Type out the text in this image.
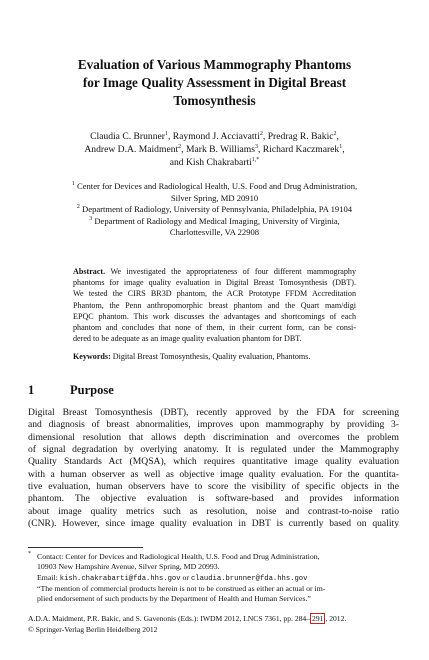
Evaluation of Various Mammography Phantoms
for Image Quality Assessment in Digital Breast
Tomosynthesis
Claudia C. Brunner$^1$, Raymond J. Acciavatti$^2$, Predrag R. Bakic$^2$,
Andrew D.A. Maidment$^2$, Mark B. Williams$^3$, Richard Kaczmarek$^1$,
and Kish Chakrabarti$^{1,*}$
$^1$ Center for Devices and Radiological Health, U.S. Food and Drug Administration,
Silver Spring, MD 20910
$^2$ Department of Radiology, University of Pennsylvania, Philadelphia, PA 19104
$^3$ Department of Radiology and Medical Imaging, University of Virginia,
Charlottesville, VA 22908
Abstract. We investigated the appropriateness of four different mammography
phantoms for image quality evaluation in Digital Breast Tomosynthesis (DBT).
We tested the CIRS BR3D phantom, the ACR Prototype FFDM Accreditation
Phantom, the Penn anthropomorphic breast phantom and the Quart mam/digi
EPQC phantom. This work discusses the advantages and shortcomings of each
phantom and concludes that none of them, in their current form, can be consi-
dered to be adequate as an image quality evaluation phantom for DBT.
Keywords: Digital Breast Tomosynthesis, Quality evaluation, Phantoms.
1	Purpose
Digital Breast Tomosynthesis (DBT), recently approved by the FDA for screening
and diagnosis of breast abnormalities, improves upon mammography by providing 3-
dimensional resolution that allows depth discrimination and overcomes the problem
of signal degradation by overlying anatomy. It is regulated under the Mammography
Quality Standards Act (MQSA), which requires quantitative image quality evaluation
with a human observer as well as objective image quality evaluation. For the quantita-
tive evaluation, human observers have to score the visibility of specific objects in the
phantom. The objective evaluation is software-based and provides information
about image quality metrics such as resolution, noise and contrast-to-noise ratio
(CNR). However, since image quality evaluation in DBT is currently based on quality
* Contact: Center for Devices and Radiological Health, U.S. Food and Drug Administration,
10903 New Hampshire Avenue, Silver Spring, MD 20993.
Email: kish.chakrabarti@fda.hhs.gov or claudia.brunner@fda.hhs.gov
“The mention of commercial products herein is not to be construed as either an actual or im-
plied endorsement of such products by the Department of Health and Human Services.”
A.D.A. Maidment, P.R. Bakic, and S. Gavenonis (Eds.): IWDM 2012, LNCS 7361, pp. 284– 291 , 2012.
© Springer-Verlag Berlin Heidelberg 2012
